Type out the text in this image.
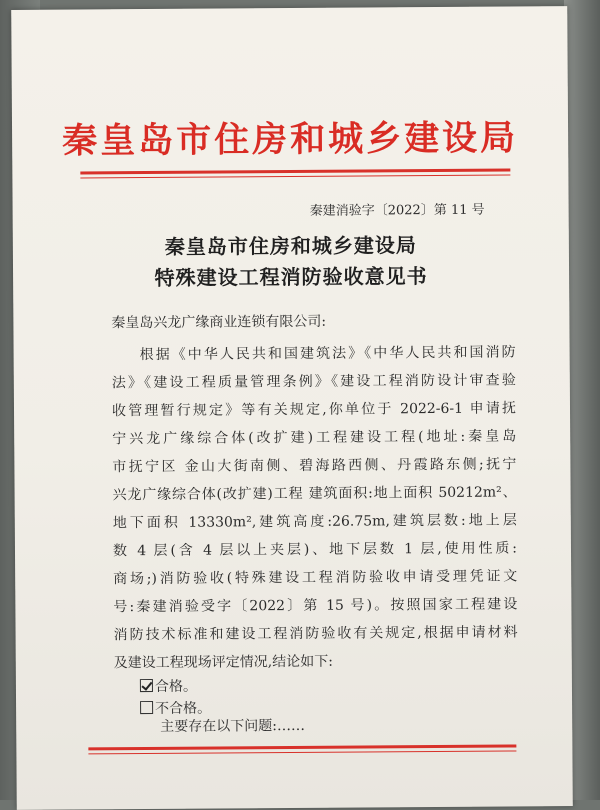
秦皇岛市住房和城乡建设局
秦建消验字〔2022〕第 11 号
秦皇岛市住房和城乡建设局
特殊建设工程消防验收意见书
秦皇岛兴龙广缘商业连锁有限公司:
根据《中华人民共和国建筑法》《中华人民共和国消防
法》《建设工程质量管理条例》《建设工程消防设计审查验
收管理暂行规定》等有关规定,你单位于 2022-6-1 申请抚
宁兴龙广缘综合体(改扩建)工程建设工程(地址:秦皇岛
市抚宁区 金山大街南侧、碧海路西侧、丹霞路东侧;抚宁
兴龙广缘综合体(改扩建)工程 建筑面积:地上面积 50212m²、
地下面积 13330m²,建筑高度:26.75m,建筑层数:地上层
数 4 层(含 4 层以上夹层)、地下层数 1 层,使用性质:
商场;)消防验收(特殊建设工程消防验收申请受理凭证文
号:秦建消验受字〔2022〕第 15 号)。按照国家工程建设
消防技术标准和建设工程消防验收有关规定,根据申请材料
及建设工程现场评定情况,结论如下:
合格。
不合格。
主要存在以下问题:……
